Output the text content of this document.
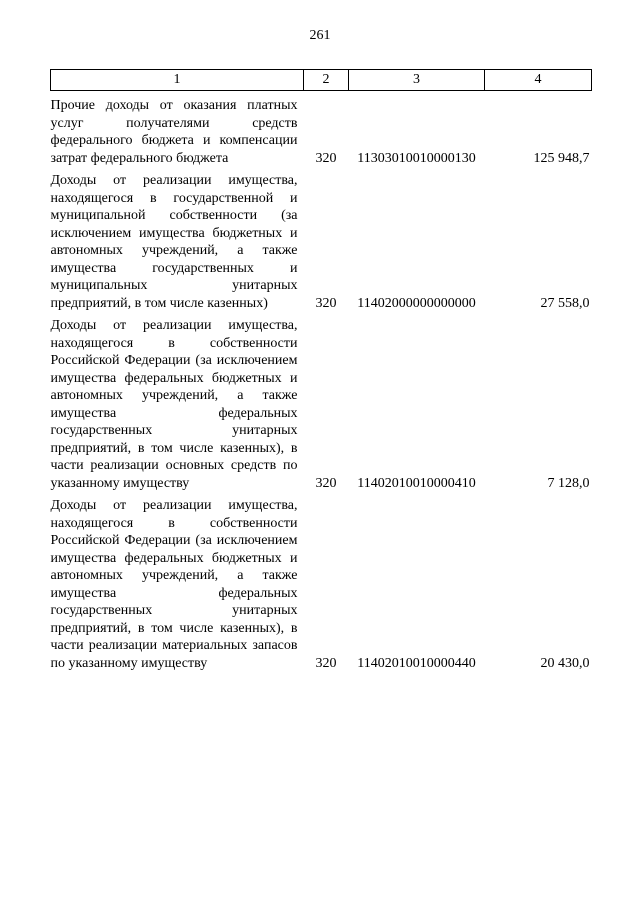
261
1	2	3	4
Прочие доходы от оказания платных услуг получателями средств федерального бюджета и компенсации затрат федерального бюджета	320	11303010010000130	125 948,7
Доходы от реализации имущества, находящегося в государственной и муниципальной собственности (за исключением имущества бюджетных и автономных учреждений, а также имущества государственных и муниципальных унитарных предприятий, в том числе казенных)	320	11402000000000000	27 558,0
Доходы от реализации имущества, находящегося в собственности Российской Федерации (за исключением имущества федеральных бюджетных и автономных учреждений, а также имущества федеральных государственных унитарных предприятий, в том числе казенных), в части реализации основных средств по указанному имуществу	320	11402010010000410	7 128,0
Доходы от реализации имущества, находящегося в собственности Российской Федерации (за исключением имущества федеральных бюджетных и автономных учреждений, а также имущества федеральных государственных унитарных предприятий, в том числе казенных), в части реализации материальных запасов по указанному имуществу	320	11402010010000440	20 430,0
